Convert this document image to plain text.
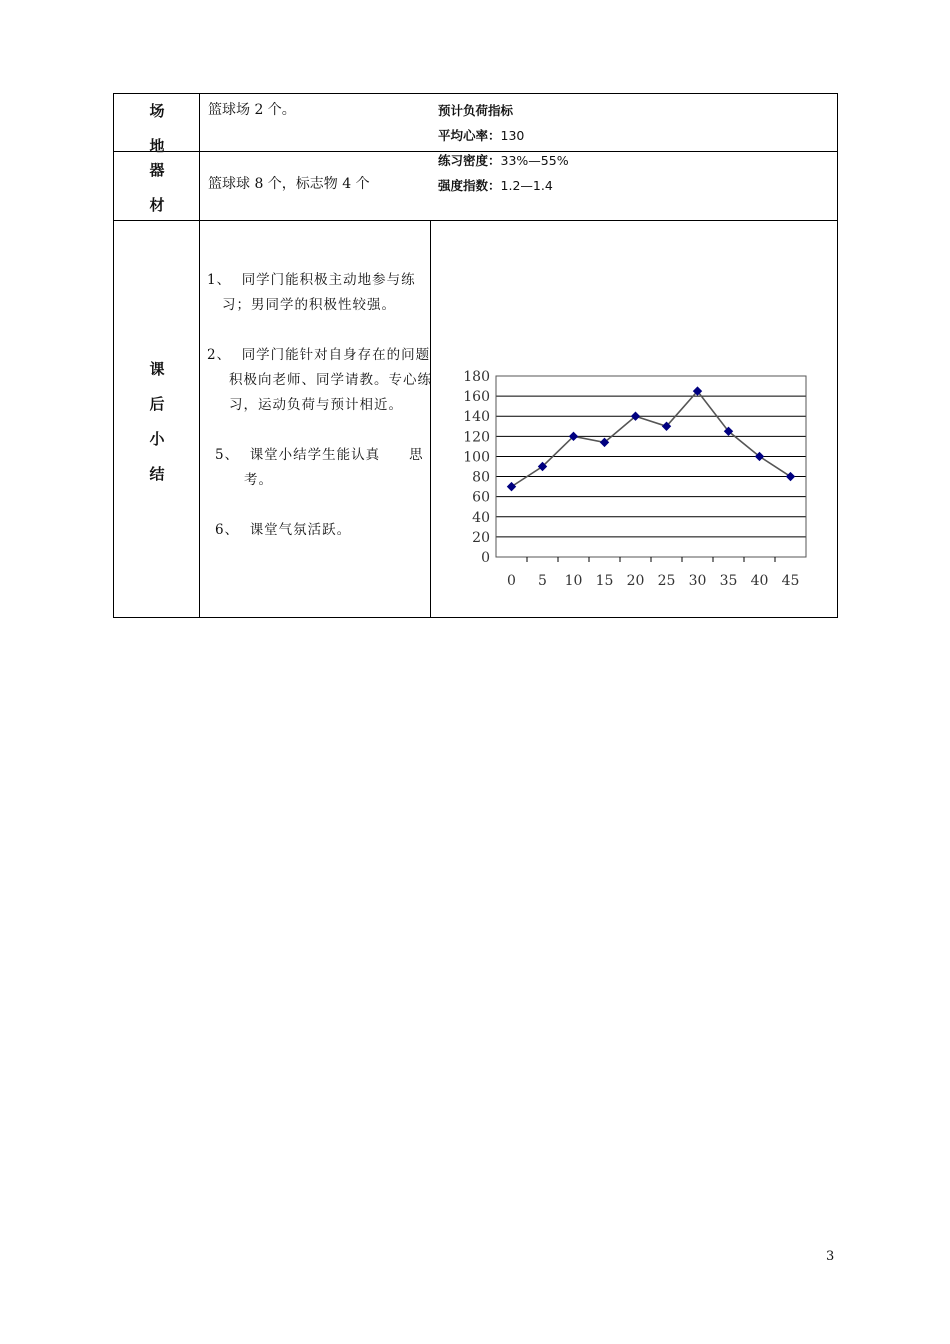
场
地
篮球场 2 个。
器
材
篮球球 8 个，标志物 4 个
课
后
小
结

1、 同学门能积极主动地参与练

习；男同学的积极性较强。

2、 同学门能针对自身存在的问题

积极向老师、同学请教。专心练

习，运动负荷与预计相近。

5、 课堂小结学生能认真　　思

考。

6、 课堂气氛活跃。

预计负荷指标
平均心率：130
练习密度：33%—55%
强度指数：1.2—1.4
0
20
40
60
80
100
120
140
160
180
0 5 10 15 20 25 30 35 40 45
3
